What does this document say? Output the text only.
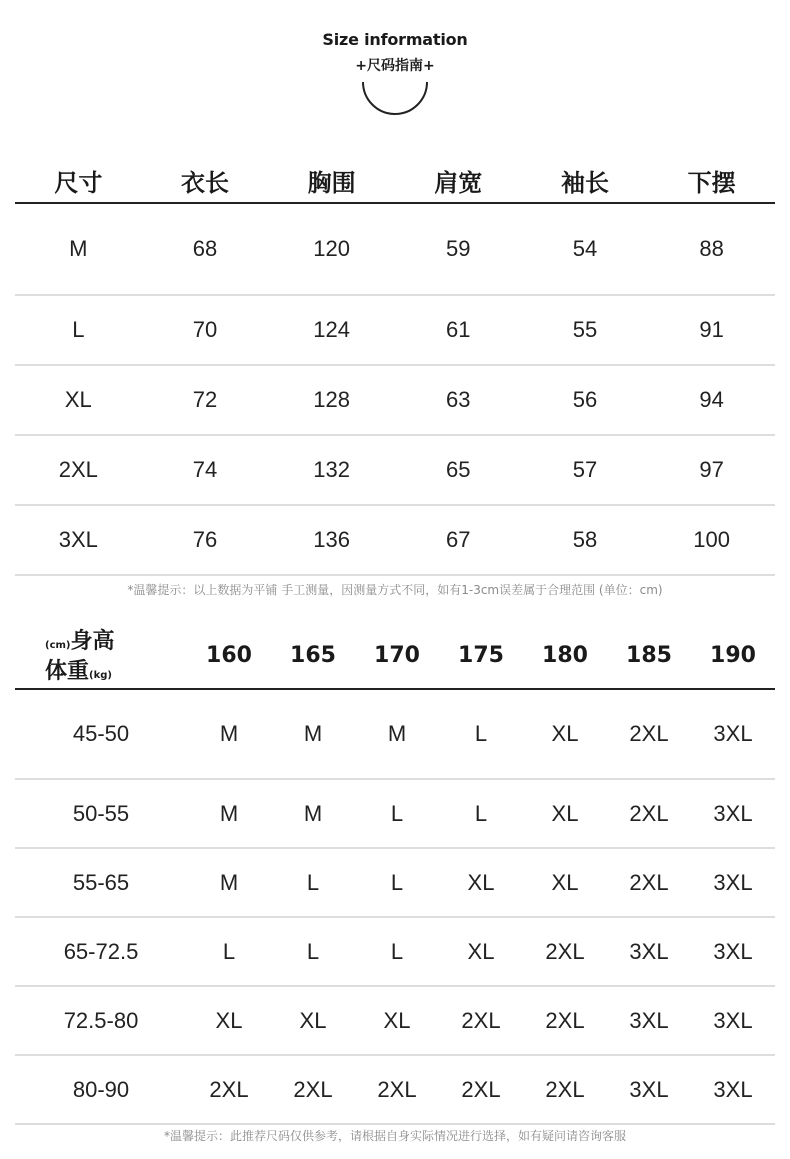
Size information
+尺码指南+
尺寸	衣长	胸围	肩宽	袖长	下摆
M	68	120	59	54	88
L	70	124	61	55	91
XL	72	128	63	56	94
2XL	74	132	65	57	97
3XL	76	136	67	58	100
*温馨提示：以上数据为平铺 手工测量，因测量方式不同，如有1-3cm误差属于合理范围 (单位：cm)
(cm)身高
体重(kg)	160	165	170	175	180	185	190
45-50	M	M	M	L	XL	2XL	3XL
50-55	M	M	L	L	XL	2XL	3XL
55-65	M	L	L	XL	XL	2XL	3XL
65-72.5	L	L	L	XL	2XL	3XL	3XL
72.5-80	XL	XL	XL	2XL	2XL	3XL	3XL
80-90	2XL	2XL	2XL	2XL	2XL	3XL	3XL
*温馨提示：此推荐尺码仅供参考，请根据自身实际情况进行选择，如有疑问请咨询客服
